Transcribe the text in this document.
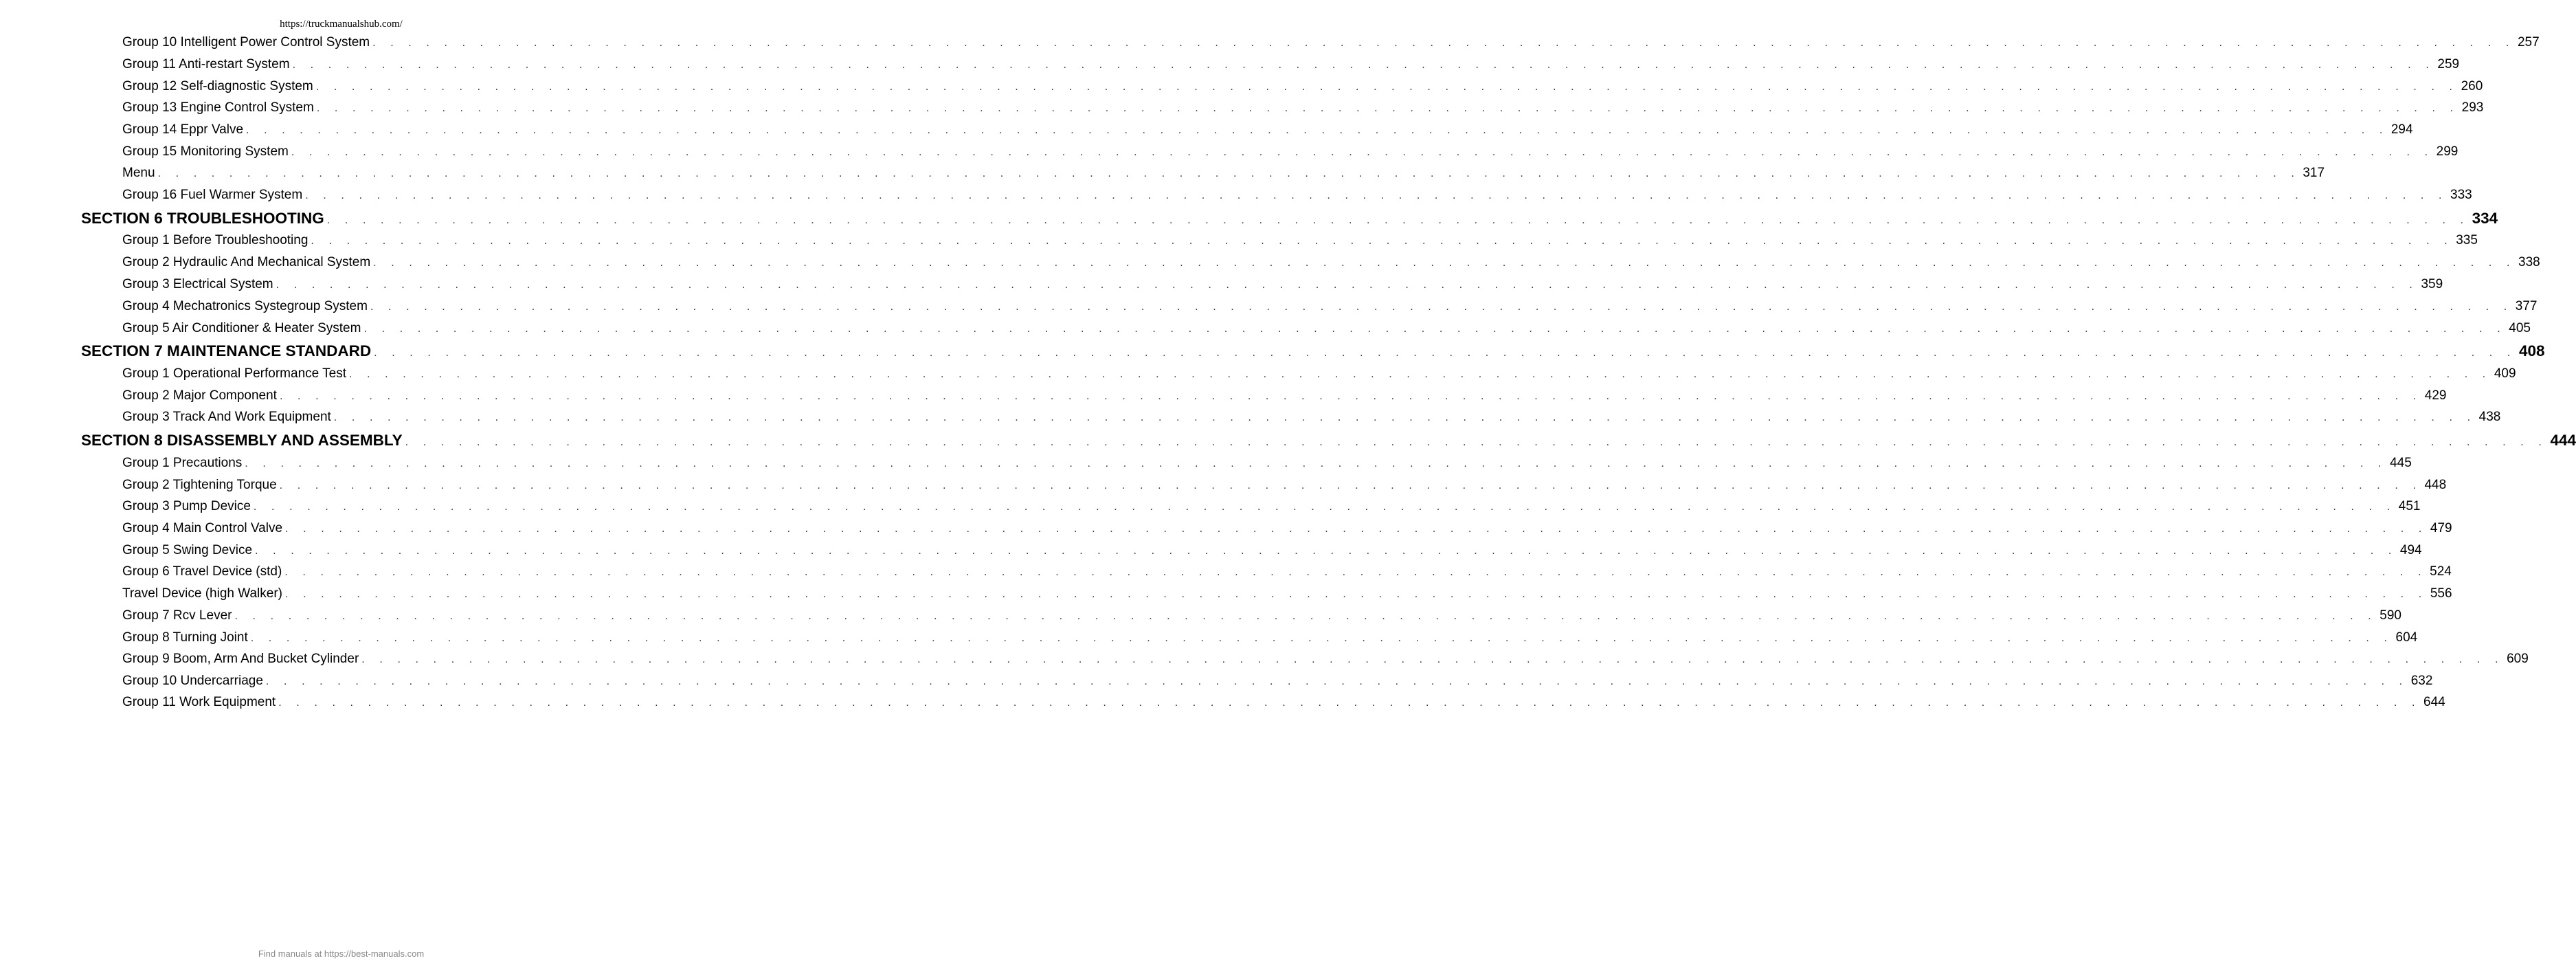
https://truckmanualshub.com/
Group 10 Intelligent Power Control System . . . . . . . . . . . . . . . . . . . . . . . . . . . . . . . . . . . . . . . . . . . . . . . . . . . . . . . . . . . . . . . . . . . . . . . . . . . . . . . . . . . . . . . . . . . . . . . . . . . . . . . . . . . . . . . . . . . . . . . . 257
Group 11 Anti-restart System . . . . . . . . . . . . . . . . . . . . . . . . . . . . . . . . . . . . . . . . . . . . . . . . . . . . . . . . . . . . . . . . . . . . . . . . . . . . . . . . . . . . . . . . . . . . . . . . . . . . . . . . . . . . . . . . . . . . . . . . 259
Group 12 Self-diagnostic System . . . . . . . . . . . . . . . . . . . . . . . . . . . . . . . . . . . . . . . . . . . . . . . . . . . . . . . . . . . . . . . . . . . . . . . . . . . . . . . . . . . . . . . . . . . . . . . . . . . . . . . . . . . . . . . . . . . . . . . . 260
Group 13 Engine Control System . . . . . . . . . . . . . . . . . . . . . . . . . . . . . . . . . . . . . . . . . . . . . . . . . . . . . . . . . . . . . . . . . . . . . . . . . . . . . . . . . . . . . . . . . . . . . . . . . . . . . . . . . . . . . . . . . . . . . . . . 293
Group 14 Eppr Valve . . . . . . . . . . . . . . . . . . . . . . . . . . . . . . . . . . . . . . . . . . . . . . . . . . . . . . . . . . . . . . . . . . . . . . . . . . . . . . . . . . . . . . . . . . . . . . . . . . . . . . . . . . . . . . . . . . . . . . . . 294
Group 15 Monitoring System . . . . . . . . . . . . . . . . . . . . . . . . . . . . . . . . . . . . . . . . . . . . . . . . . . . . . . . . . . . . . . . . . . . . . . . . . . . . . . . . . . . . . . . . . . . . . . . . . . . . . . . . . . . . . . . . . . . . . . . . 299
Menu . . . . . . . . . . . . . . . . . . . . . . . . . . . . . . . . . . . . . . . . . . . . . . . . . . . . . . . . . . . . . . . . . . . . . . . . . . . . . . . . . . . . . . . . . . . . . . . . . . . . . . . . . . . . . . . . . . . . . . . . 317
Group 16 Fuel Warmer System . . . . . . . . . . . . . . . . . . . . . . . . . . . . . . . . . . . . . . . . . . . . . . . . . . . . . . . . . . . . . . . . . . . . . . . . . . . . . . . . . . . . . . . . . . . . . . . . . . . . . . . . . . . . . . . . . . . . . . . . 333
SECTION 6 TROUBLESHOOTING . . . . . . . . . . . . . . . . . . . . . . . . . . . . . . . . . . . . . . . . . . . . . . . . . . . . . . . . . . . . . . . . . . . . . . . . . . . . . . . . . . . . . . . . . . . . . . . . . . . . . . . . . . . . . . . . . . . . . . . . 334
Group 1 Before Troubleshooting . . . . . . . . . . . . . . . . . . . . . . . . . . . . . . . . . . . . . . . . . . . . . . . . . . . . . . . . . . . . . . . . . . . . . . . . . . . . . . . . . . . . . . . . . . . . . . . . . . . . . . . . . . . . . . . . . . . . . . . . 335
Group 2 Hydraulic And Mechanical System . . . . . . . . . . . . . . . . . . . . . . . . . . . . . . . . . . . . . . . . . . . . . . . . . . . . . . . . . . . . . . . . . . . . . . . . . . . . . . . . . . . . . . . . . . . . . . . . . . . . . . . . . . . . . . . . . . . . . . . . 338
Group 3 Electrical System . . . . . . . . . . . . . . . . . . . . . . . . . . . . . . . . . . . . . . . . . . . . . . . . . . . . . . . . . . . . . . . . . . . . . . . . . . . . . . . . . . . . . . . . . . . . . . . . . . . . . . . . . . . . . . . . . . . . . . . . 359
Group 4 Mechatronics Systegroup System . . . . . . . . . . . . . . . . . . . . . . . . . . . . . . . . . . . . . . . . . . . . . . . . . . . . . . . . . . . . . . . . . . . . . . . . . . . . . . . . . . . . . . . . . . . . . . . . . . . . . . . . . . . . . . . . . . . . . . . . 377
Group 5 Air Conditioner & Heater System . . . . . . . . . . . . . . . . . . . . . . . . . . . . . . . . . . . . . . . . . . . . . . . . . . . . . . . . . . . . . . . . . . . . . . . . . . . . . . . . . . . . . . . . . . . . . . . . . . . . . . . . . . . . . . . . . . . . . . . . 405
SECTION 7 MAINTENANCE STANDARD . . . . . . . . . . . . . . . . . . . . . . . . . . . . . . . . . . . . . . . . . . . . . . . . . . . . . . . . . . . . . . . . . . . . . . . . . . . . . . . . . . . . . . . . . . . . . . . . . . . . . . . . . . . . . . . . . . . . . . . . 408
Group 1 Operational Performance Test . . . . . . . . . . . . . . . . . . . . . . . . . . . . . . . . . . . . . . . . . . . . . . . . . . . . . . . . . . . . . . . . . . . . . . . . . . . . . . . . . . . . . . . . . . . . . . . . . . . . . . . . . . . . . . . . . . . . . . . . 409
Group 2 Major Component . . . . . . . . . . . . . . . . . . . . . . . . . . . . . . . . . . . . . . . . . . . . . . . . . . . . . . . . . . . . . . . . . . . . . . . . . . . . . . . . . . . . . . . . . . . . . . . . . . . . . . . . . . . . . . . . . . . . . . . . 429
Group 3 Track And Work Equipment . . . . . . . . . . . . . . . . . . . . . . . . . . . . . . . . . . . . . . . . . . . . . . . . . . . . . . . . . . . . . . . . . . . . . . . . . . . . . . . . . . . . . . . . . . . . . . . . . . . . . . . . . . . . . . . . . . . . . . . . 438
SECTION 8 DISASSEMBLY AND ASSEMBLY . . . . . . . . . . . . . . . . . . . . . . . . . . . . . . . . . . . . . . . . . . . . . . . . . . . . . . . . . . . . . . . . . . . . . . . . . . . . . . . . . . . . . . . . . . . . . . . . . . . . . . . . . . . . . . . . . . . . . . . . 444
Group 1 Precautions . . . . . . . . . . . . . . . . . . . . . . . . . . . . . . . . . . . . . . . . . . . . . . . . . . . . . . . . . . . . . . . . . . . . . . . . . . . . . . . . . . . . . . . . . . . . . . . . . . . . . . . . . . . . . . . . . . . . . . . . 445
Group 2 Tightening Torque . . . . . . . . . . . . . . . . . . . . . . . . . . . . . . . . . . . . . . . . . . . . . . . . . . . . . . . . . . . . . . . . . . . . . . . . . . . . . . . . . . . . . . . . . . . . . . . . . . . . . . . . . . . . . . . . . . . . . . . . 448
Group 3 Pump Device . . . . . . . . . . . . . . . . . . . . . . . . . . . . . . . . . . . . . . . . . . . . . . . . . . . . . . . . . . . . . . . . . . . . . . . . . . . . . . . . . . . . . . . . . . . . . . . . . . . . . . . . . . . . . . . . . . . . . . . . 451
Group 4 Main Control Valve . . . . . . . . . . . . . . . . . . . . . . . . . . . . . . . . . . . . . . . . . . . . . . . . . . . . . . . . . . . . . . . . . . . . . . . . . . . . . . . . . . . . . . . . . . . . . . . . . . . . . . . . . . . . . . . . . . . . . . . . 479
Group 5 Swing Device . . . . . . . . . . . . . . . . . . . . . . . . . . . . . . . . . . . . . . . . . . . . . . . . . . . . . . . . . . . . . . . . . . . . . . . . . . . . . . . . . . . . . . . . . . . . . . . . . . . . . . . . . . . . . . . . . . . . . . . . 494
Group 6 Travel Device (std) . . . . . . . . . . . . . . . . . . . . . . . . . . . . . . . . . . . . . . . . . . . . . . . . . . . . . . . . . . . . . . . . . . . . . . . . . . . . . . . . . . . . . . . . . . . . . . . . . . . . . . . . . . . . . . . . . . . . . . . . 524
Travel Device (high Walker) . . . . . . . . . . . . . . . . . . . . . . . . . . . . . . . . . . . . . . . . . . . . . . . . . . . . . . . . . . . . . . . . . . . . . . . . . . . . . . . . . . . . . . . . . . . . . . . . . . . . . . . . . . . . . . . . . . . . . . . . 556
Group 7 Rcv Lever . . . . . . . . . . . . . . . . . . . . . . . . . . . . . . . . . . . . . . . . . . . . . . . . . . . . . . . . . . . . . . . . . . . . . . . . . . . . . . . . . . . . . . . . . . . . . . . . . . . . . . . . . . . . . . . . . . . . . . . . 590
Group 8 Turning Joint . . . . . . . . . . . . . . . . . . . . . . . . . . . . . . . . . . . . . . . . . . . . . . . . . . . . . . . . . . . . . . . . . . . . . . . . . . . . . . . . . . . . . . . . . . . . . . . . . . . . . . . . . . . . . . . . . . . . . . . . 604
Group 9 Boom, Arm And Bucket Cylinder . . . . . . . . . . . . . . . . . . . . . . . . . . . . . . . . . . . . . . . . . . . . . . . . . . . . . . . . . . . . . . . . . . . . . . . . . . . . . . . . . . . . . . . . . . . . . . . . . . . . . . . . . . . . . . . . . . . . . . . . 609
Group 10 Undercarriage . . . . . . . . . . . . . . . . . . . . . . . . . . . . . . . . . . . . . . . . . . . . . . . . . . . . . . . . . . . . . . . . . . . . . . . . . . . . . . . . . . . . . . . . . . . . . . . . . . . . . . . . . . . . . . . . . . . . . . . . 632
Group 11 Work Equipment . . . . . . . . . . . . . . . . . . . . . . . . . . . . . . . . . . . . . . . . . . . . . . . . . . . . . . . . . . . . . . . . . . . . . . . . . . . . . . . . . . . . . . . . . . . . . . . . . . . . . . . . . . . . . . . . . . . . . . . . 644
Find manuals at https://best-manuals.com
